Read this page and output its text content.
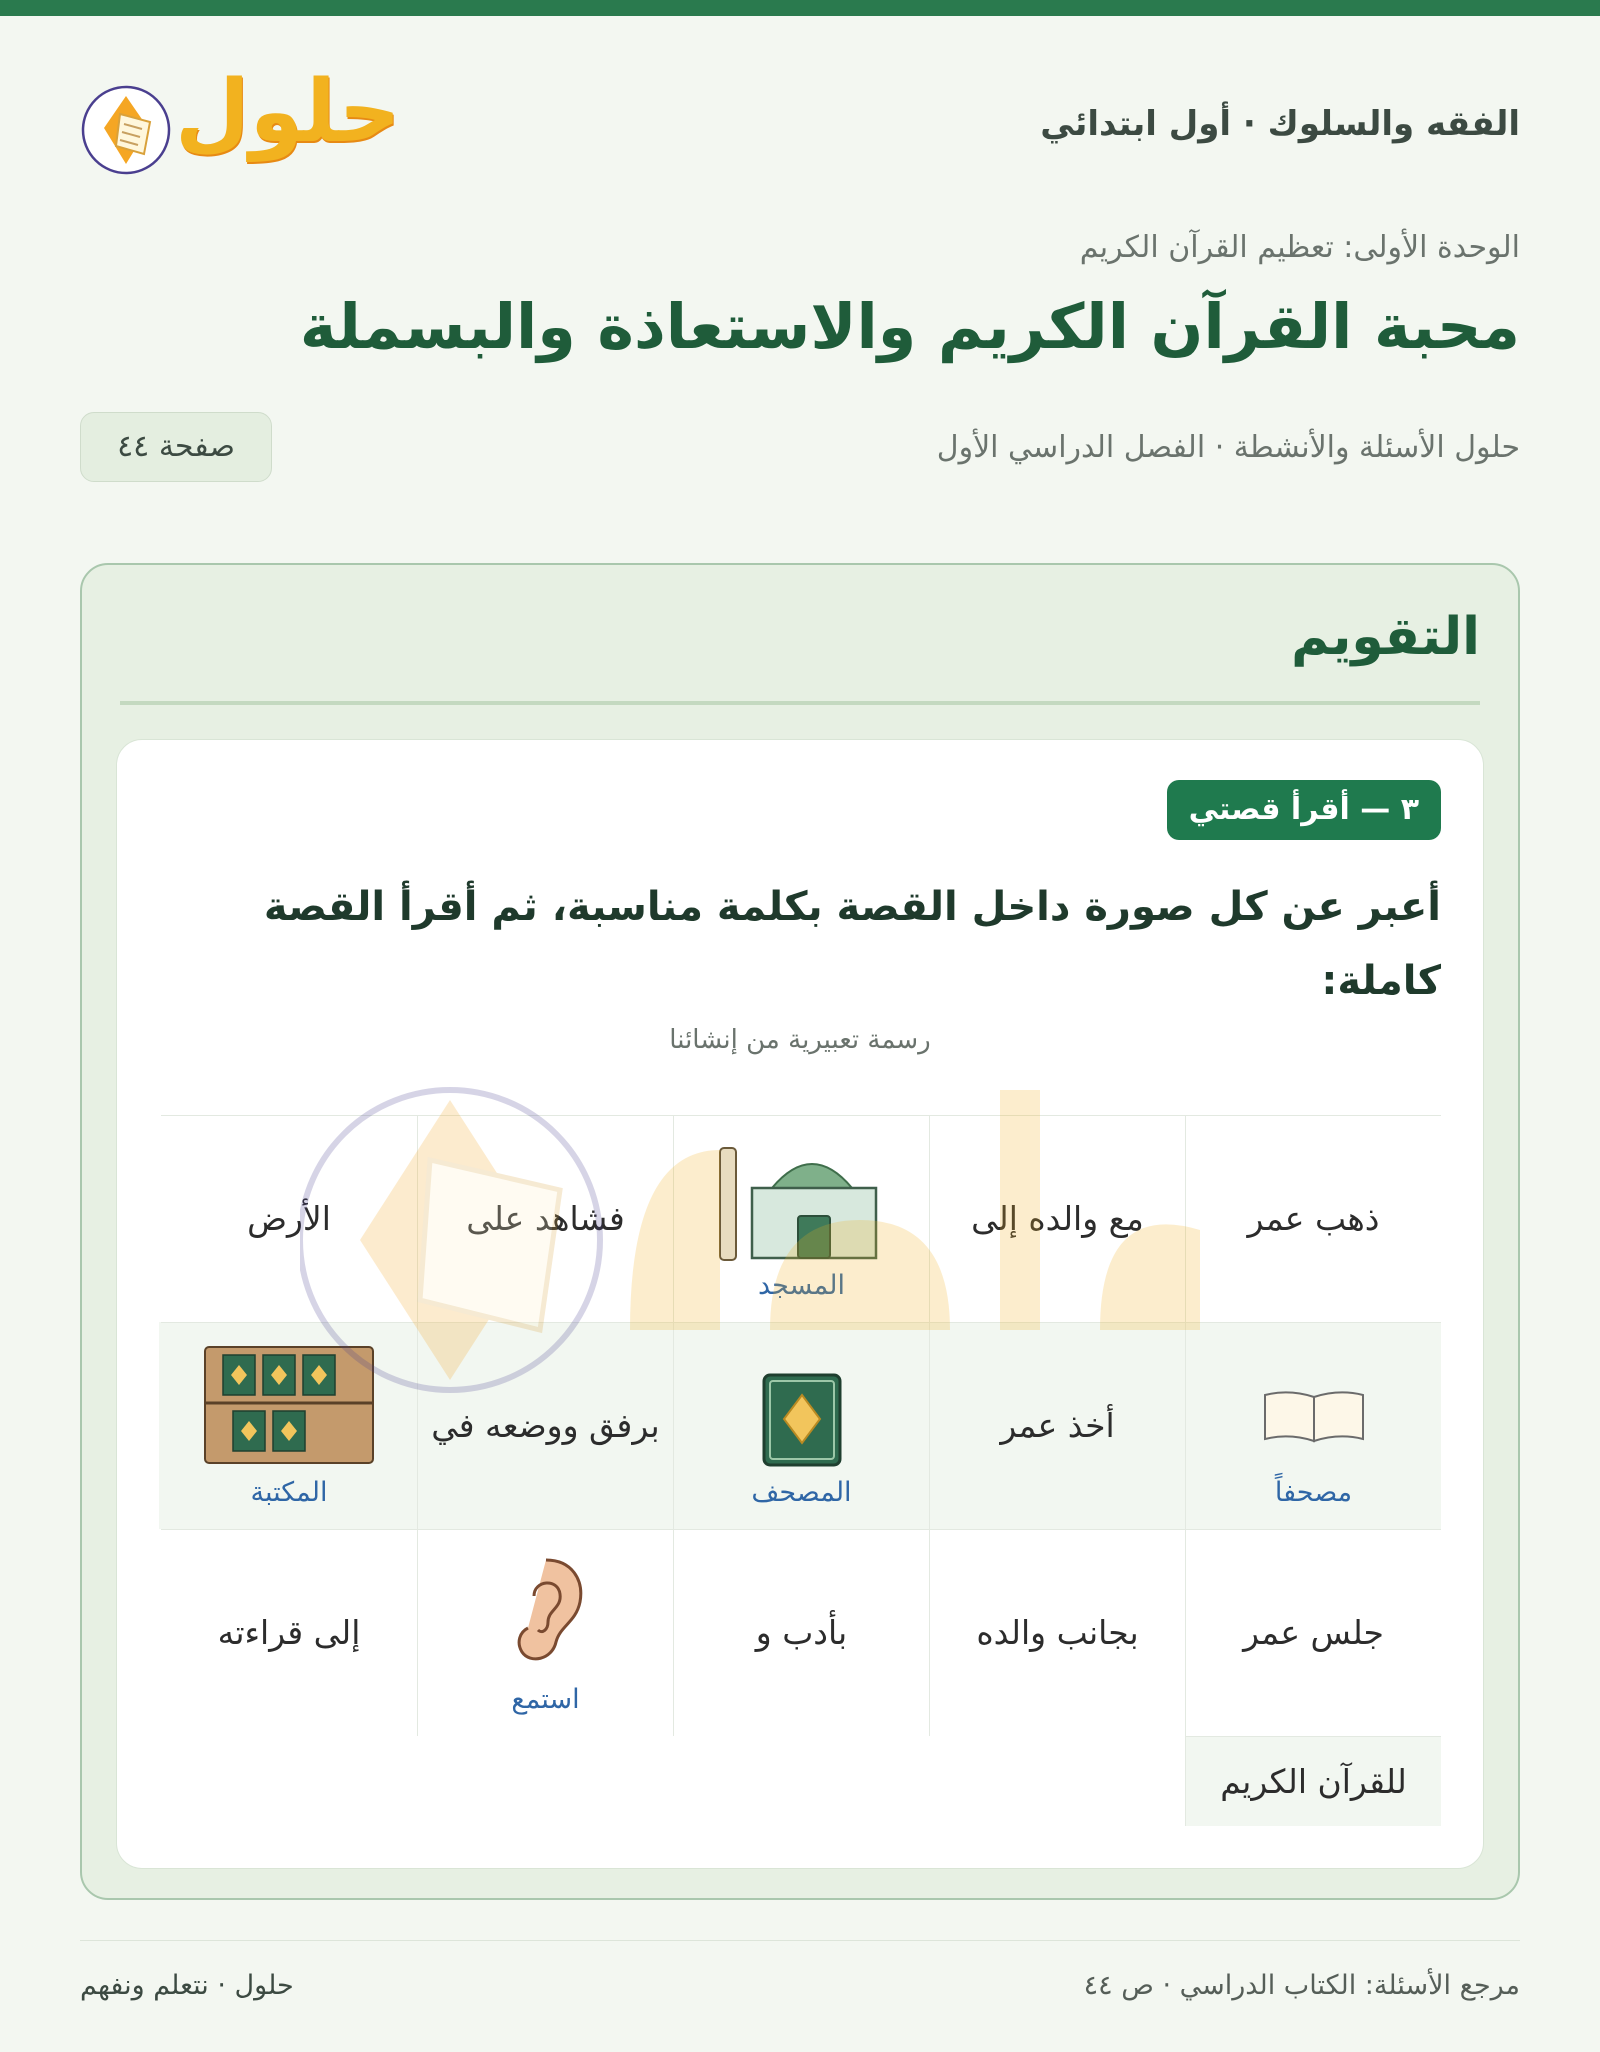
الفقه والسلوك · أول ابتدائي
حلول
الوحدة الأولى: تعظيم القرآن الكريم
محبة القرآن الكريم والاستعاذة والبسملة
حلول الأسئلة والأنشطة · الفصل الدراسي الأول
صفحة ٤٤
التقويم
٣ — أقرأ قصتي
أعبر عن كل صورة داخل القصة بكلمة مناسبة، ثم أقرأ القصة كاملة:
رسمة تعبيرية من إنشائنا
ذهب عمر
مع والده إلى
المسجد
فشاهد على
الأرض
مصحفاً
أخذ عمر
المصحف
برفق ووضعه في
المكتبة
جلس عمر
بجانب والده
بأدب و
استمع
إلى قراءته
للقرآن الكريم
مرجع الأسئلة: الكتاب الدراسي · ص ٤٤
حلول · نتعلم ونفهم
